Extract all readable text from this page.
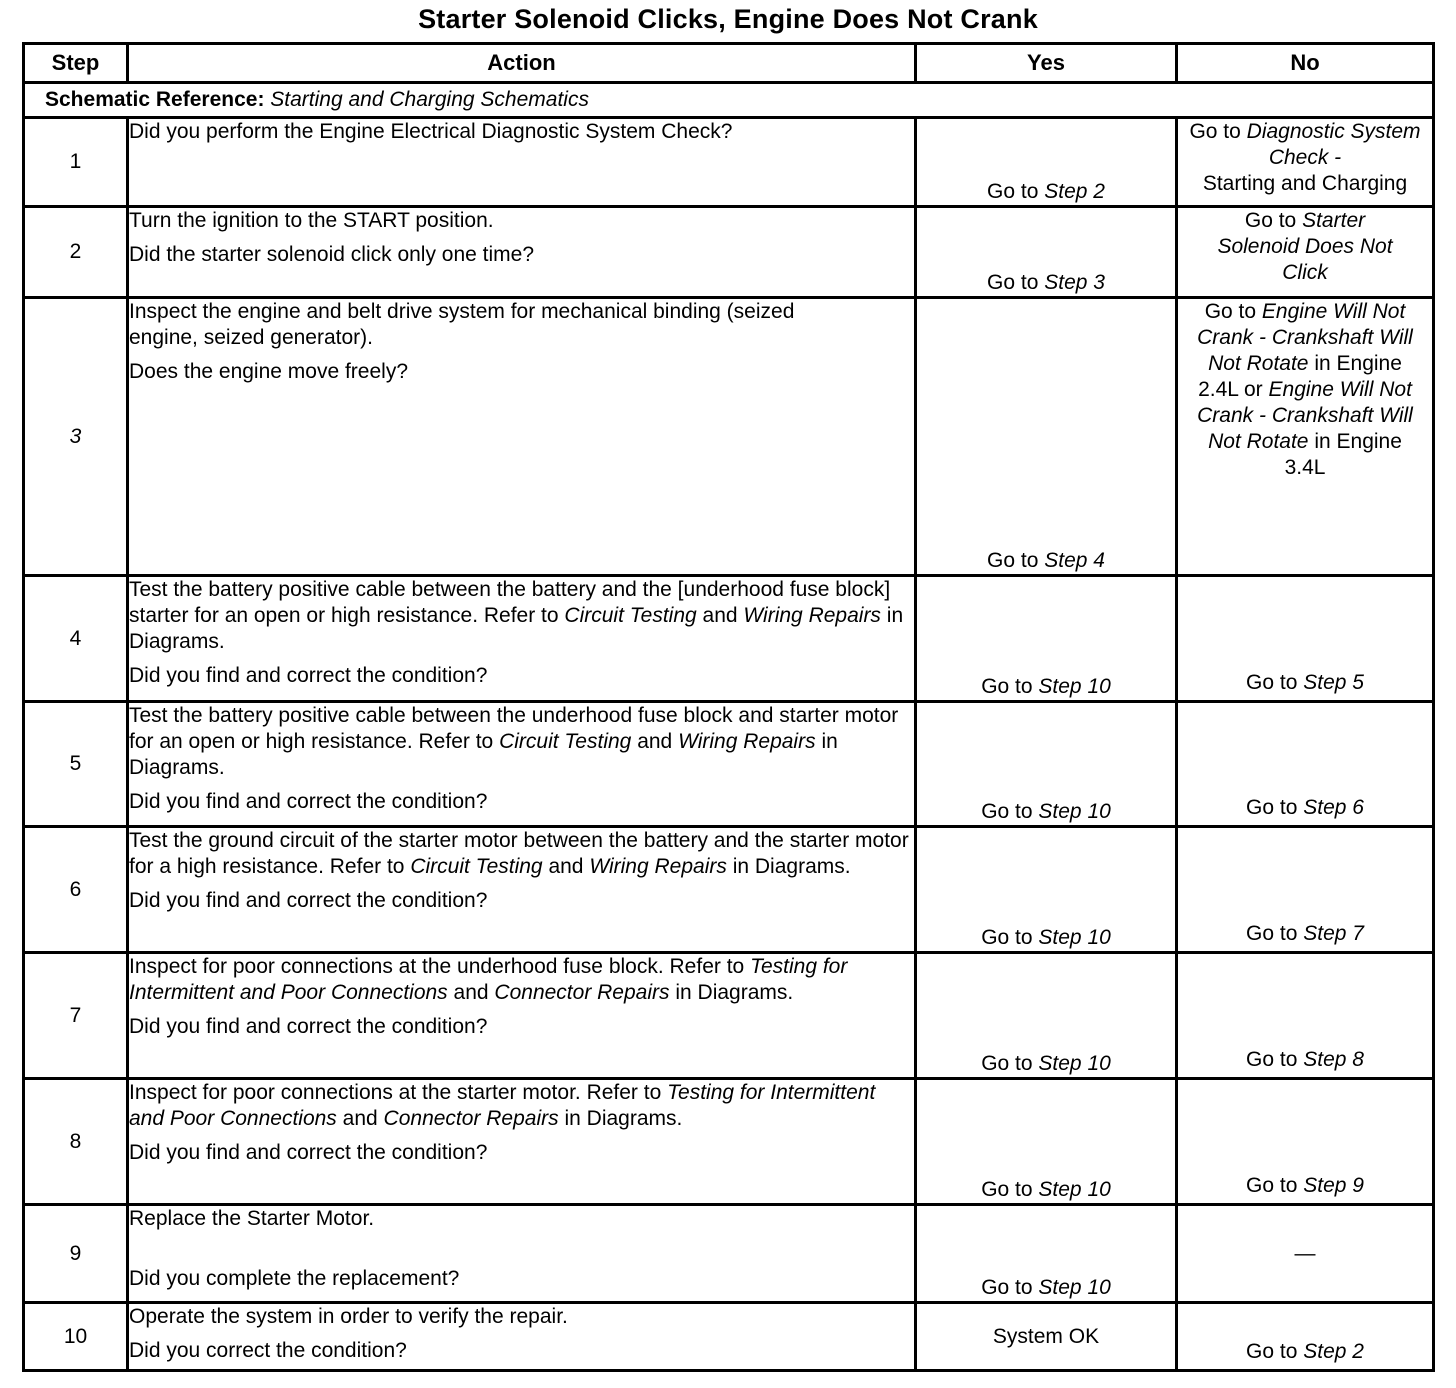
Starter Solenoid Clicks, Engine Does Not Crank
Step	Action	Yes	No
Schematic Reference: Starting and Charging Schematics			
1	Did you perform the Engine Electrical Diagnostic System Check?	Go to Step 2	Go to Diagnostic System Check -
Starting and Charging

2	Turn the ignition to the START position.

Did the starter solenoid click only one time?	Go to Step 3	Go to Starter Solenoid Does Not Click
3	Inspect the engine and belt drive system for mechanical binding (seized engine, seized generator).

Does the engine move freely?	Go to Step 4	Go to Engine Will Not Crank - Crankshaft Will Not Rotate in Engine 2.4L or Engine Will Not Crank - Crankshaft Will Not Rotate in Engine 3.4L
4	Test the battery positive cable between the battery and the [underhood fuse block] starter for an open or high resistance. Refer to Circuit Testing and Wiring Repairs in Diagrams.

Did you find and correct the condition?	Go to Step 10	Go to Step 5
5	Test the battery positive cable between the underhood fuse block and starter motor for an open or high resistance. Refer to Circuit Testing and Wiring Repairs in Diagrams.

Did you find and correct the condition?	Go to Step 10	Go to Step 6
6	Test the ground circuit of the starter motor between the battery and the starter motor for a high resistance. Refer to Circuit Testing and Wiring Repairs in Diagrams.

Did you find and correct the condition?	Go to Step 10	Go to Step 7
7	Inspect for poor connections at the underhood fuse block. Refer to Testing for Intermittent and Poor Connections and Connector Repairs in Diagrams.

Did you find and correct the condition?	Go to Step 10	Go to Step 8
8	Inspect for poor connections at the starter motor. Refer to Testing for Intermittent and Poor Connections and Connector Repairs in Diagrams.

Did you find and correct the condition?	Go to Step 10	Go to Step 9
9	Replace the Starter Motor.

Did you complete the replacement?	Go to Step 10	—
10	Operate the system in order to verify the repair.

Did you correct the condition?	System OK	Go to Step 2
